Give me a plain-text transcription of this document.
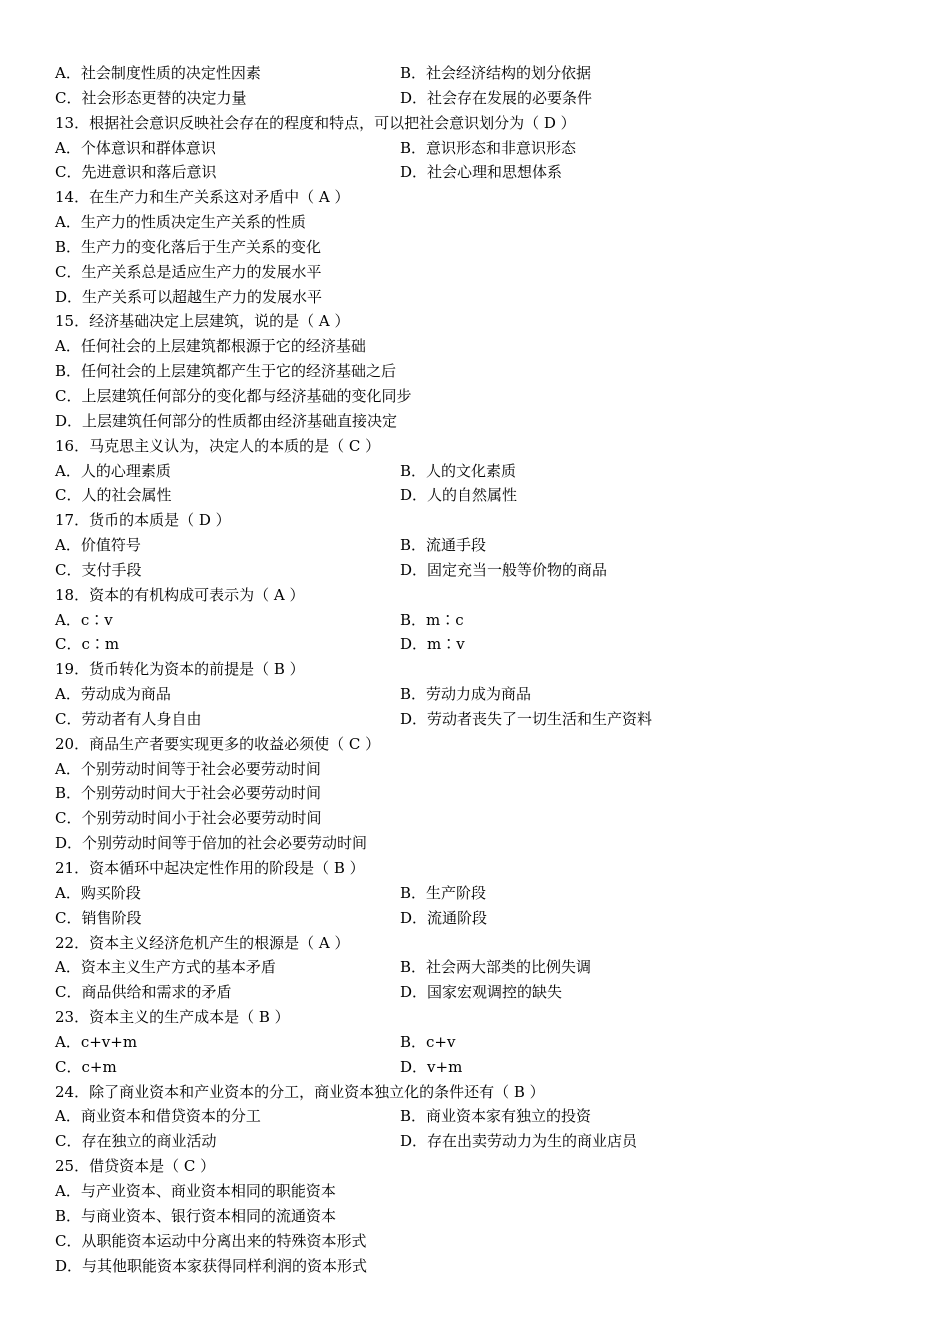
A．社会制度性质的决定性因素	B．社会经济结构的划分依据
C．社会形态更替的决定力量	D．社会存在发展的必要条件
13．根据社会意识反映社会存在的程度和特点，可以把社会意识划分为（ D ）
A．个体意识和群体意识	B．意识形态和非意识形态
C．先进意识和落后意识	D．社会心理和思想体系
14．在生产力和生产关系这对矛盾中（ A ）
A．生产力的性质决定生产关系的性质
B．生产力的变化落后于生产关系的变化
C．生产关系总是适应生产力的发展水平
D．生产关系可以超越生产力的发展水平
15．经济基础决定上层建筑，说的是（ A ）
A．任何社会的上层建筑都根源于它的经济基础
B．任何社会的上层建筑都产生于它的经济基础之后
C．上层建筑任何部分的变化都与经济基础的变化同步
D．上层建筑任何部分的性质都由经济基础直接决定
16．马克思主义认为，决定人的本质的是（ C ）
A．人的心理素质	B．人的文化素质
C．人的社会属性	D．人的自然属性
17．货币的本质是（ D ）
A．价值符号	B．流通手段
C．支付手段	D．固定充当一般等价物的商品
18．资本的有机构成可表示为（ A ）
A．c∶v	B．m∶c
C．c∶m	D．m∶v
19．货币转化为资本的前提是（ B ）
A．劳动成为商品	B．劳动力成为商品
C．劳动者有人身自由	D．劳动者丧失了一切生活和生产资料
20．商品生产者要实现更多的收益必须使（ C ）
A．个别劳动时间等于社会必要劳动时间
B．个别劳动时间大于社会必要劳动时间
C．个别劳动时间小于社会必要劳动时间
D．个别劳动时间等于倍加的社会必要劳动时间
21．资本循环中起决定性作用的阶段是（ B ）
A．购买阶段	B．生产阶段
C．销售阶段	D．流通阶段
22．资本主义经济危机产生的根源是（ A ）
A．资本主义生产方式的基本矛盾	B．社会两大部类的比例失调
C．商品供给和需求的矛盾	D．国家宏观调控的缺失
23．资本主义的生产成本是（ B ）
A．c+v+m	B．c+v
C．c+m	D．v+m
24．除了商业资本和产业资本的分工，商业资本独立化的条件还有（ B ）
A．商业资本和借贷资本的分工	B．商业资本家有独立的投资
C．存在独立的商业活动	D．存在出卖劳动力为生的商业店员
25．借贷资本是（ C ）
A．与产业资本、商业资本相同的职能资本
B．与商业资本、银行资本相同的流通资本
C．从职能资本运动中分离出来的特殊资本形式
D．与其他职能资本家获得同样利润的资本形式
